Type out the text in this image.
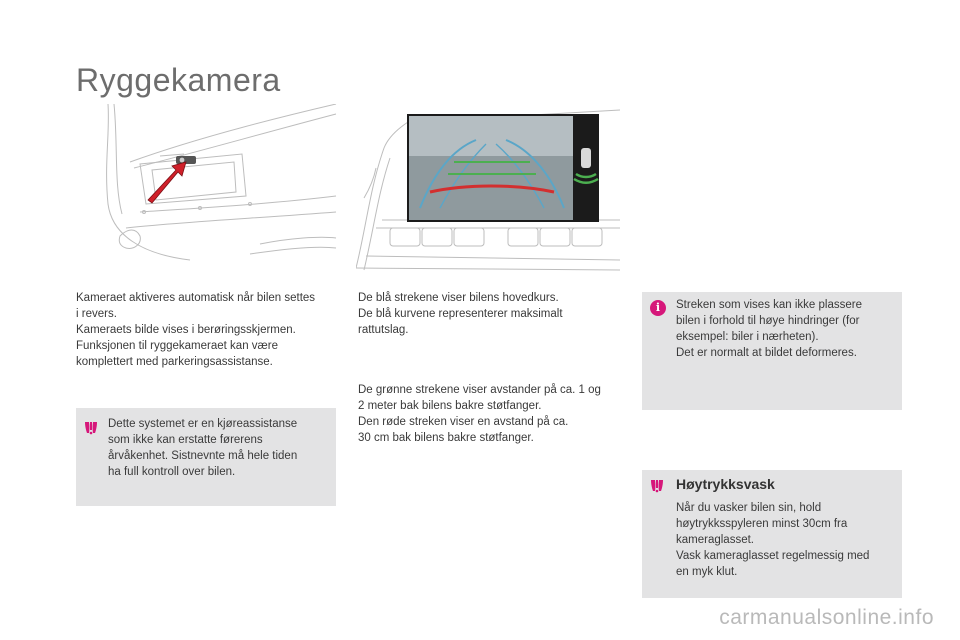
Ryggekamera

Kameraet aktiveres automatisk når bilen settes

i revers.

Kameraets bilde vises i berøringsskjermen.

Funksjonen til ryggekameraet kan være

komplettert med parkeringsassistanse.

Dette systemet er en kjøreassistanse

som ikke kan erstatte førerens

årvåkenhet. Sistnevnte må hele tiden

ha full kontroll over bilen.

De blå strekene viser bilens hovedkurs.

De blå kurvene representerer maksimalt

rattutslag.

De grønne strekene viser avstander på ca. 1 og

2 meter bak bilens bakre støtfanger.

Den røde streken viser en avstand på ca.

30 cm bak bilens bakre støtfanger.

i	Streken som vises kan ikke plassere

bilen i forhold til høye hindringer (for

eksempel: biler i nærheten).

Det er normalt at bildet deformeres.

Høytrykksvask

Når du vasker bilen sin, hold

høytrykksspyleren minst 30cm fra

kameraglasset.

Vask kameraglasset regelmessig med

en myk klut.

carmanualsonline.info
